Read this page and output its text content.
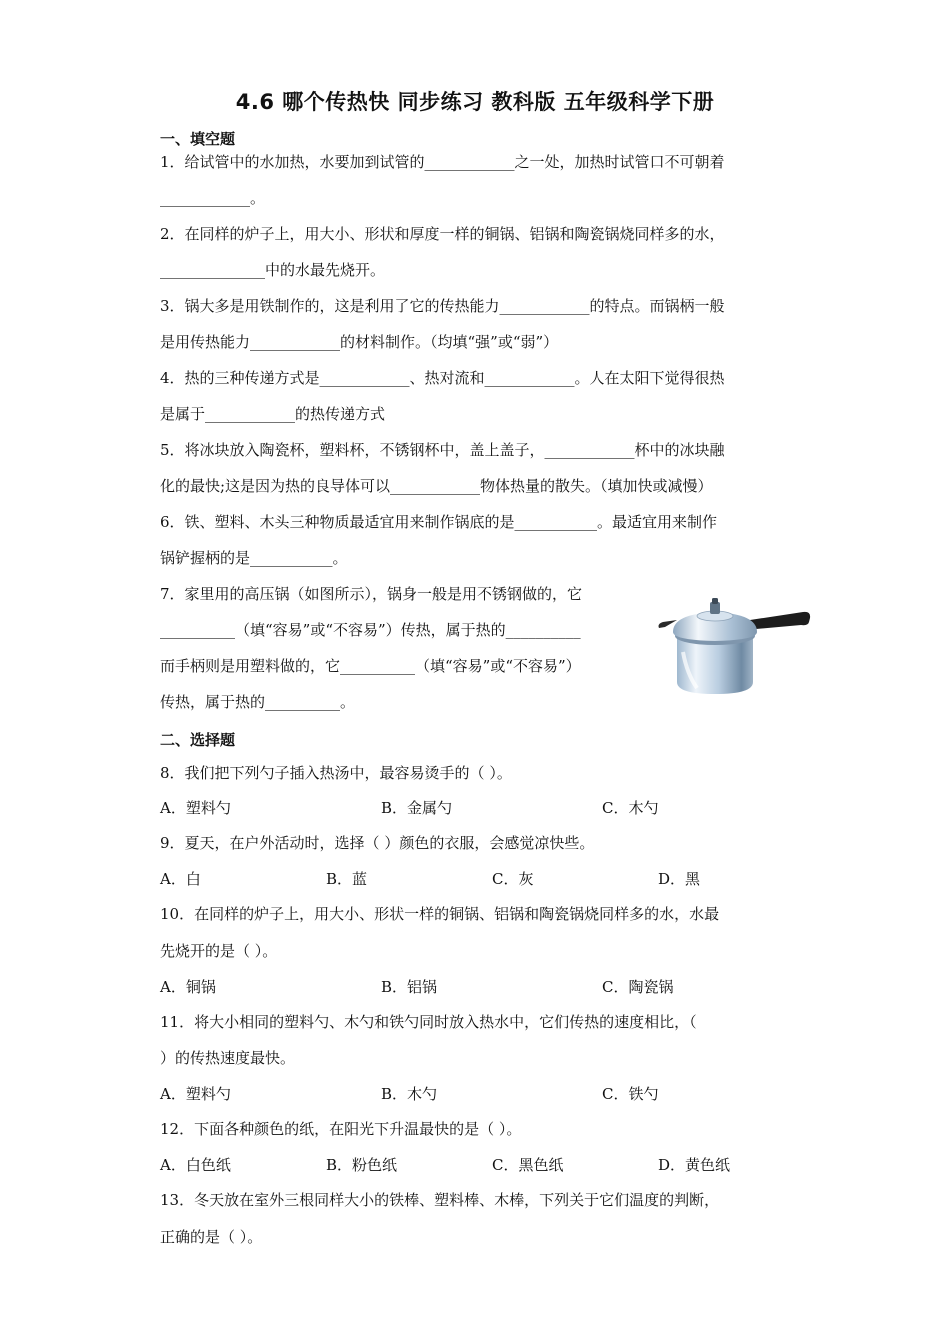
4.6 哪个传热快 同步练习 教科版 五年级科学下册
一、填空题
1．给试管中的水加热，水要加到试管的____________之一处，加热时试管口不可朝着
____________。
2．在同样的炉子上，用大小、形状和厚度一样的铜锅、铝锅和陶瓷锅烧同样多的水，
______________中的水最先烧开。
3．锅大多是用铁制作的，这是利用了它的传热能力____________的特点。而锅柄一般
是用传热能力____________的材料制作。（均填“强”或“弱”）
4．热的三种传递方式是____________、热对流和____________。人在太阳下觉得很热
是属于____________的热传递方式
5．将冰块放入陶瓷杯，塑料杯，不锈钢杯中，盖上盖子，____________杯中的冰块融
化的最快;这是因为热的良导体可以____________物体热量的散失。（填加快或减慢）
6．铁、塑料、木头三种物质最适宜用来制作锅底的是___________。最适宜用来制作
锅铲握柄的是___________。
7．家里用的高压锅（如图所示），锅身一般是用不锈钢做的，它
__________（填“容易”或“不容易”）传热，属于热的__________
而手柄则是用塑料做的，它__________（填“容易”或“不容易”）
传热，属于热的__________。
二、选择题
8．我们把下列勺子插入热汤中，最容易烫手的（ ）。
A．塑料勺	B．金属勺	C．木勺
9．夏天，在户外活动时，选择（ ）颜色的衣服，会感觉凉快些。
A．白	B．蓝	C．灰	D．黑
10．在同样的炉子上，用大小、形状一样的铜锅、铝锅和陶瓷锅烧同样多的水，水最
先烧开的是（ ）。
A．铜锅	B．铝锅	C．陶瓷锅
11．将大小相同的塑料勺、木勺和铁勺同时放入热水中，它们传热的速度相比，（
）的传热速度最快。
A．塑料勺	B．木勺	C．铁勺
12．下面各种颜色的纸，在阳光下升温最快的是（ ）。
A．白色纸	B．粉色纸	C．黑色纸	D．黄色纸
13．冬天放在室外三根同样大小的铁棒、塑料棒、木棒，下列关于它们温度的判断，
正确的是（ ）。
